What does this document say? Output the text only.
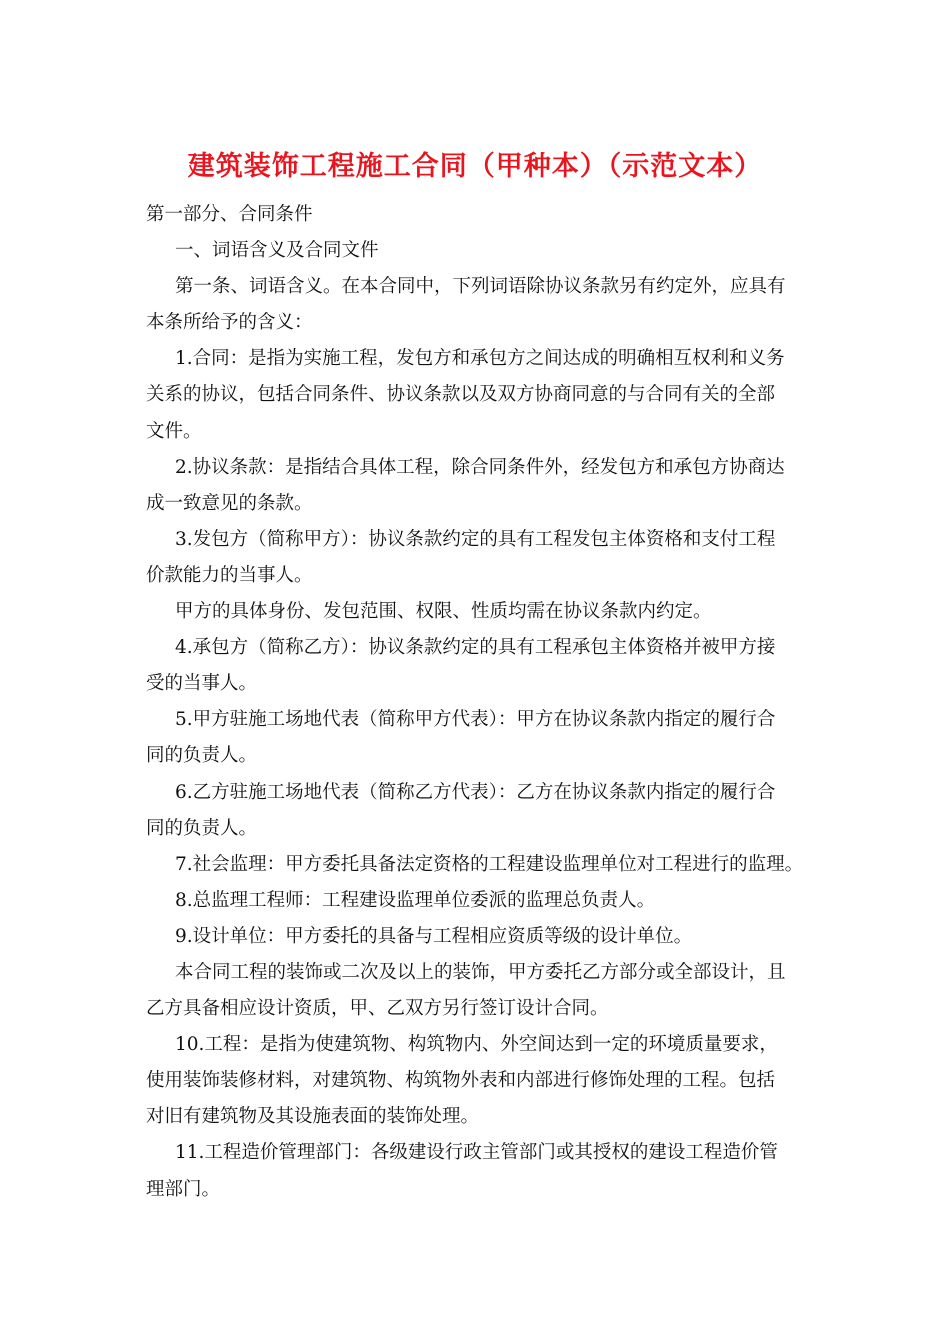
建筑装饰工程施工合同（甲种本）（示范文本）
第一部分、合同条件
一、词语含义及合同文件
第一条、词语含义。在本合同中，下列词语除协议条款另有约定外，应具有
本条所给予的含义：
1.合同：是指为实施工程，发包方和承包方之间达成的明确相互权利和义务
关系的协议，包括合同条件、协议条款以及双方协商同意的与合同有关的全部
文件。
2.协议条款：是指结合具体工程，除合同条件外，经发包方和承包方协商达
成一致意见的条款。
3.发包方（简称甲方）：协议条款约定的具有工程发包主体资格和支付工程
价款能力的当事人。
甲方的具体身份、发包范围、权限、性质均需在协议条款内约定。
4.承包方（简称乙方）：协议条款约定的具有工程承包主体资格并被甲方接
受的当事人。
5.甲方驻施工场地代表（简称甲方代表）：甲方在协议条款内指定的履行合
同的负责人。
6.乙方驻施工场地代表（简称乙方代表）：乙方在协议条款内指定的履行合
同的负责人。
7.社会监理：甲方委托具备法定资格的工程建设监理单位对工程进行的监理。
8.总监理工程师：工程建设监理单位委派的监理总负责人。
9.设计单位：甲方委托的具备与工程相应资质等级的设计单位。
本合同工程的装饰或二次及以上的装饰，甲方委托乙方部分或全部设计，且
乙方具备相应设计资质，甲、乙双方另行签订设计合同。
10.工程：是指为使建筑物、构筑物内、外空间达到一定的环境质量要求，
使用装饰装修材料，对建筑物、构筑物外表和内部进行修饰处理的工程。包括
对旧有建筑物及其设施表面的装饰处理。
11.工程造价管理部门：各级建设行政主管部门或其授权的建设工程造价管
理部门。
